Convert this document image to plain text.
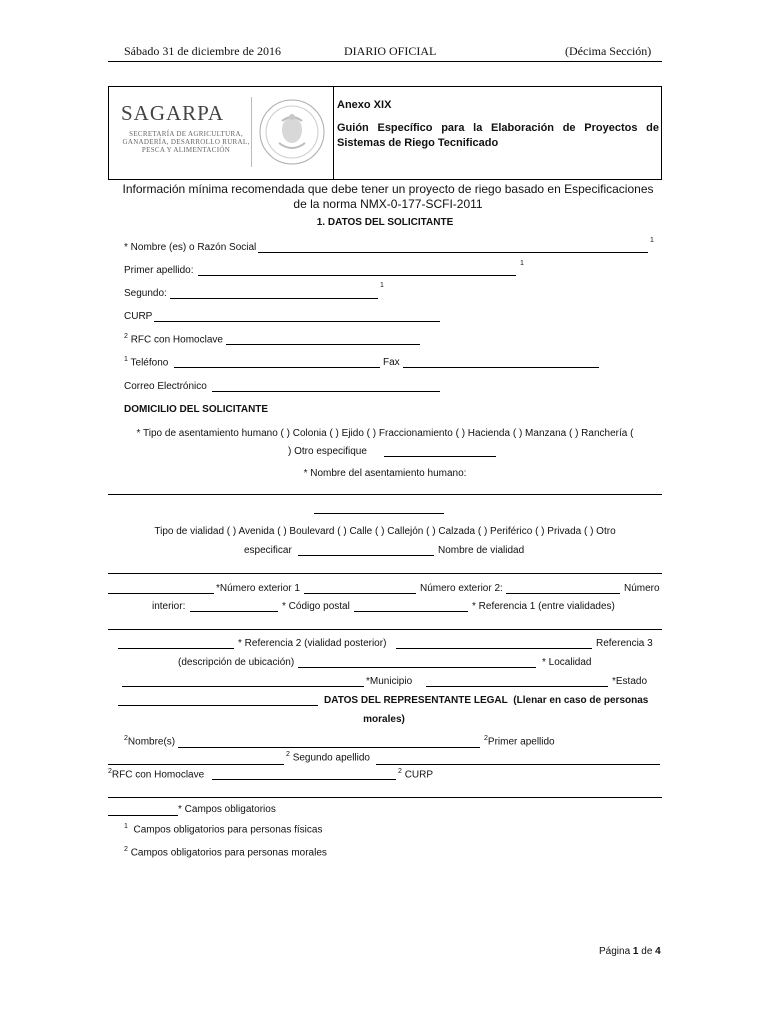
Sábado 31 de diciembre de 2016	DIARIO OFICIAL	(Décima Sección)
SAGARPA
SECRETARÍA DE AGRICULTURA,
GANADERÍA, DESARROLLO RURAL,
PESCA Y ALIMENTACIÓN
Anexo XIX
Guión Específico para la Elaboración de Proyectos de Sistemas de Riego Tecnificado
Información mínima recomendada que debe tener un proyecto de riego basado en Especificaciones de la norma NMX-0-177-SCFI-2011
1. DATOS DEL SOLICITANTE
* Nombre (es) o Razón Social
$^1$
Primer apellido:
$^1$
Segundo:
$^1$
CURP
$^2$ RFC con Homoclave
$^1$ Teléfono	Fax
Correo Electrónico
DOMICILIO DEL SOLICITANTE
* Tipo de asentamiento humano ( ) Colonia ( ) Ejido ( ) Fraccionamiento ( ) Hacienda ( ) Manzana ( ) Ranchería (
) Otro especifique
* Nombre del asentamiento humano:
Tipo de vialidad ( ) Avenida ( ) Boulevard ( ) Calle ( ) Callejón ( ) Calzada ( ) Periférico ( ) Privada ( ) Otro
especificar	Nombre de vialidad
*Número exterior 1	Número exterior 2:	Número
interior:	* Código postal	* Referencia 1 (entre vialidades)
* Referencia 2 (vialidad posterior)	Referencia 3
(descripción de ubicación)	* Localidad
*Municipio	*Estado
DATOS DEL REPRESENTANTE LEGAL (Llenar en caso de personas
morales)
$^2$Nombre(s)	$^2$Primer apellido
$^2$ Segundo apellido
$^2$RFC con Homoclave	$^2$ CURP
* Campos obligatorios
$^1$ Campos obligatorios para personas físicas
$^2$ Campos obligatorios para personas morales
Página 1 de 4
